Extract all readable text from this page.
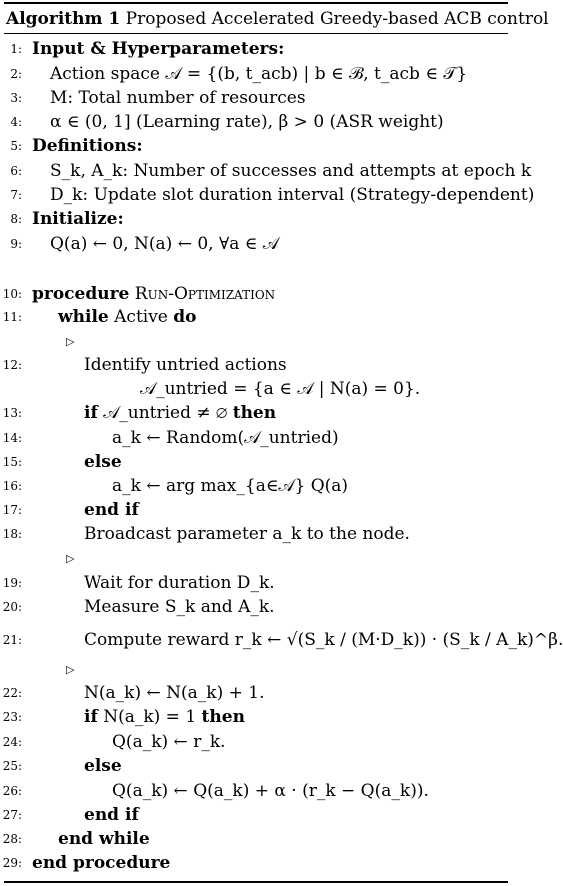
Algorithm 1 Proposed Accelerated Greedy-based ACB control
1: Input & Hyperparameters:
2: Action space 𝒜 = {(b, t_acb) | b ∈ ℬ, t_acb ∈ 𝒯}
3: M: Total number of resources
4: α ∈ (0, 1] (Learning rate), β > 0 (ASR weight)
5: Definitions:
6: S_k, A_k: Number of successes and attempts at epoch k
7: D_k: Update slot duration interval (Strategy-dependent)
8: Initialize:
9: Q(a) ← 0, N(a) ← 0, ∀a ∈ 𝒜
10: procedure Run-Optimization
11: while Active do
▷
12:	Identify untried actions
𝒜_untried = {a ∈ 𝒜 | N(a) = 0}.
13:	if 𝒜_untried ≠ ∅ then
14:	a_k ← Random(𝒜_untried)
15:	else
16:	a_k ← arg max_{a∈𝒜} Q(a)
17:	end if
18:	Broadcast parameter a_k to the node.
▷
19:	Wait for duration D_k.
20:	Measure S_k and A_k.
21:	Compute reward r_k ← √(S_k / (M·D_k)) · (S_k / A_k)^β.
▷
22:	N(a_k) ← N(a_k) + 1.
23:	if N(a_k) = 1 then
24:	Q(a_k) ← r_k.
25:	else
26:	Q(a_k) ← Q(a_k) + α · (r_k − Q(a_k)).
27:	end if
28: end while
29: end procedure
